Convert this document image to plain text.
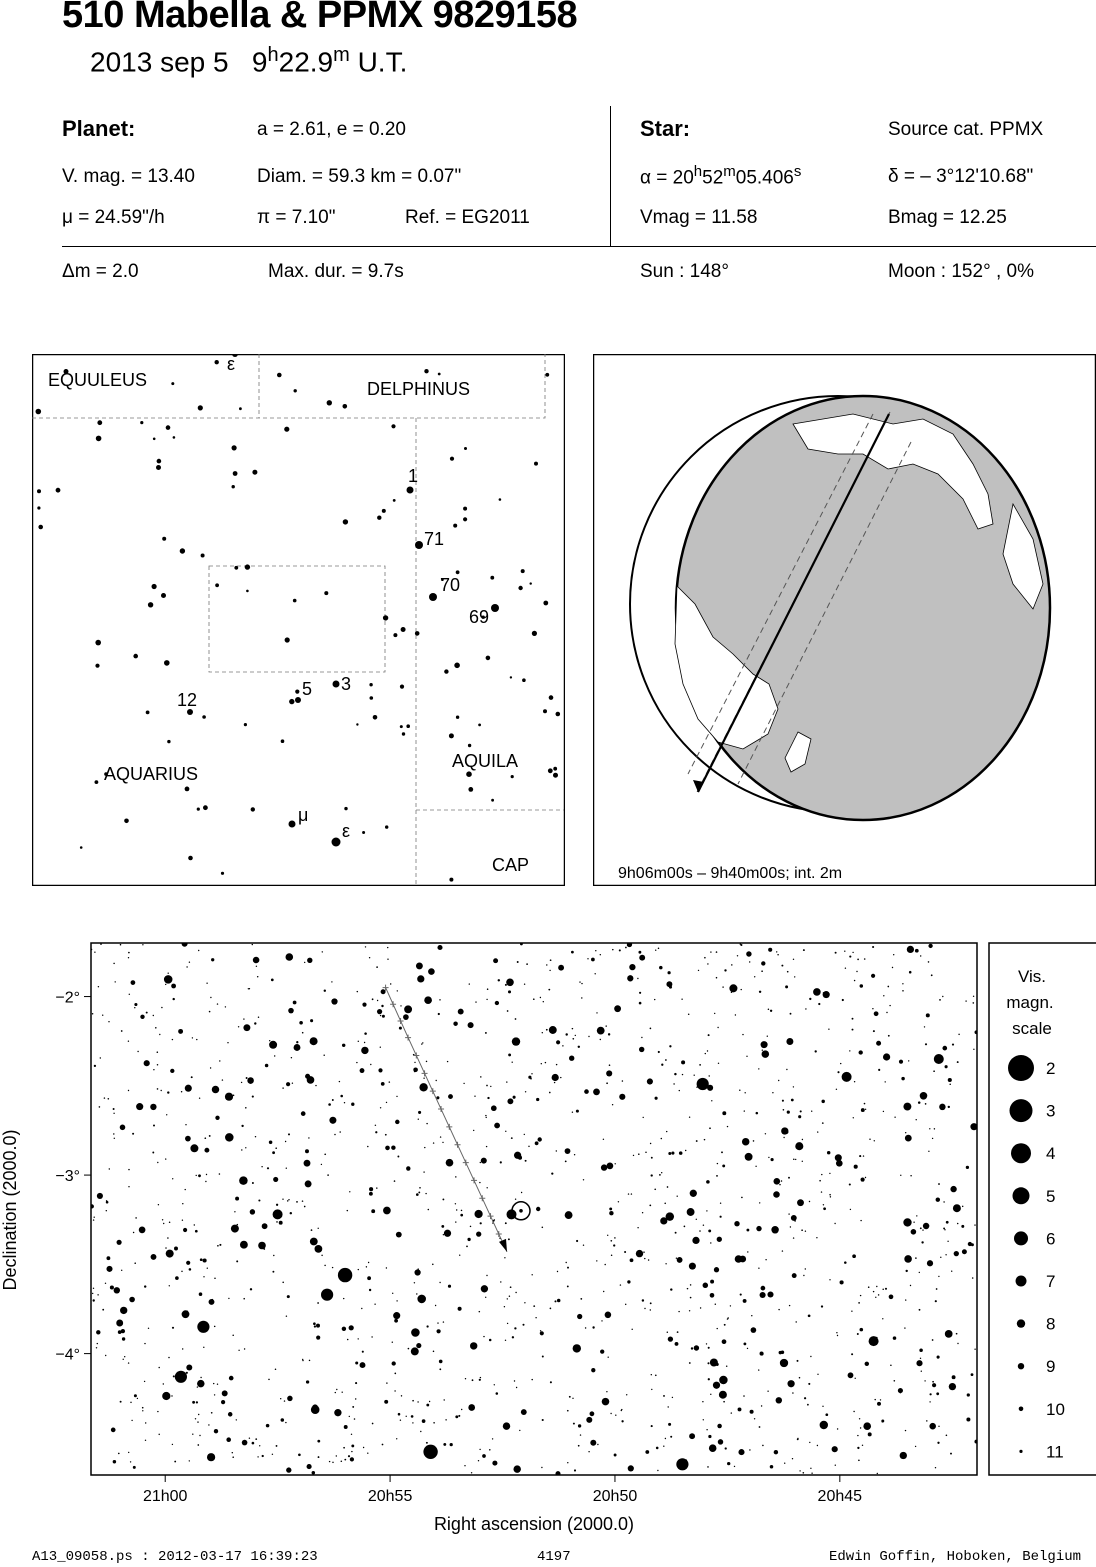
510 Mabella & PPMX 9829158
2013 sep 5 9$^h$22.9$^m$ U.T.
Planet:	a = 2.61, e = 0.20
V. mag. = 13.40	Diam. = 59.3 km = 0.07"
μ = 24.59"/h	π = 7.10"	Ref. = EG2011
Star:	Source cat. PPMX
$\alpha = 20^h52^m05.406^s$	δ = – 3°12'10.68"
Vmag = 11.58	Bmag = 12.25
Δm = 2.0	Max. dur. = 9.7s	Sun : 148°	Moon : 152° , 0%
EQUULEUS	DELPHINUS
AQUARIUS
AQUILA
CAP
ε
1
71
70
69
5 3
12
μ
ε
9h06m00s – 9h40m00s; int. 2m
21h00	20h55	20h50	20h45
−2°
−3°
−4°
Right ascension (2000.0)
Declination (2000.0)
Vis.
magn.
scale
2
3
4
5
6
7
8
9
10
11
A13_09058.ps : 2012-03-17 16:39:23	4197	Edwin Goffin, Hoboken, Belgium
